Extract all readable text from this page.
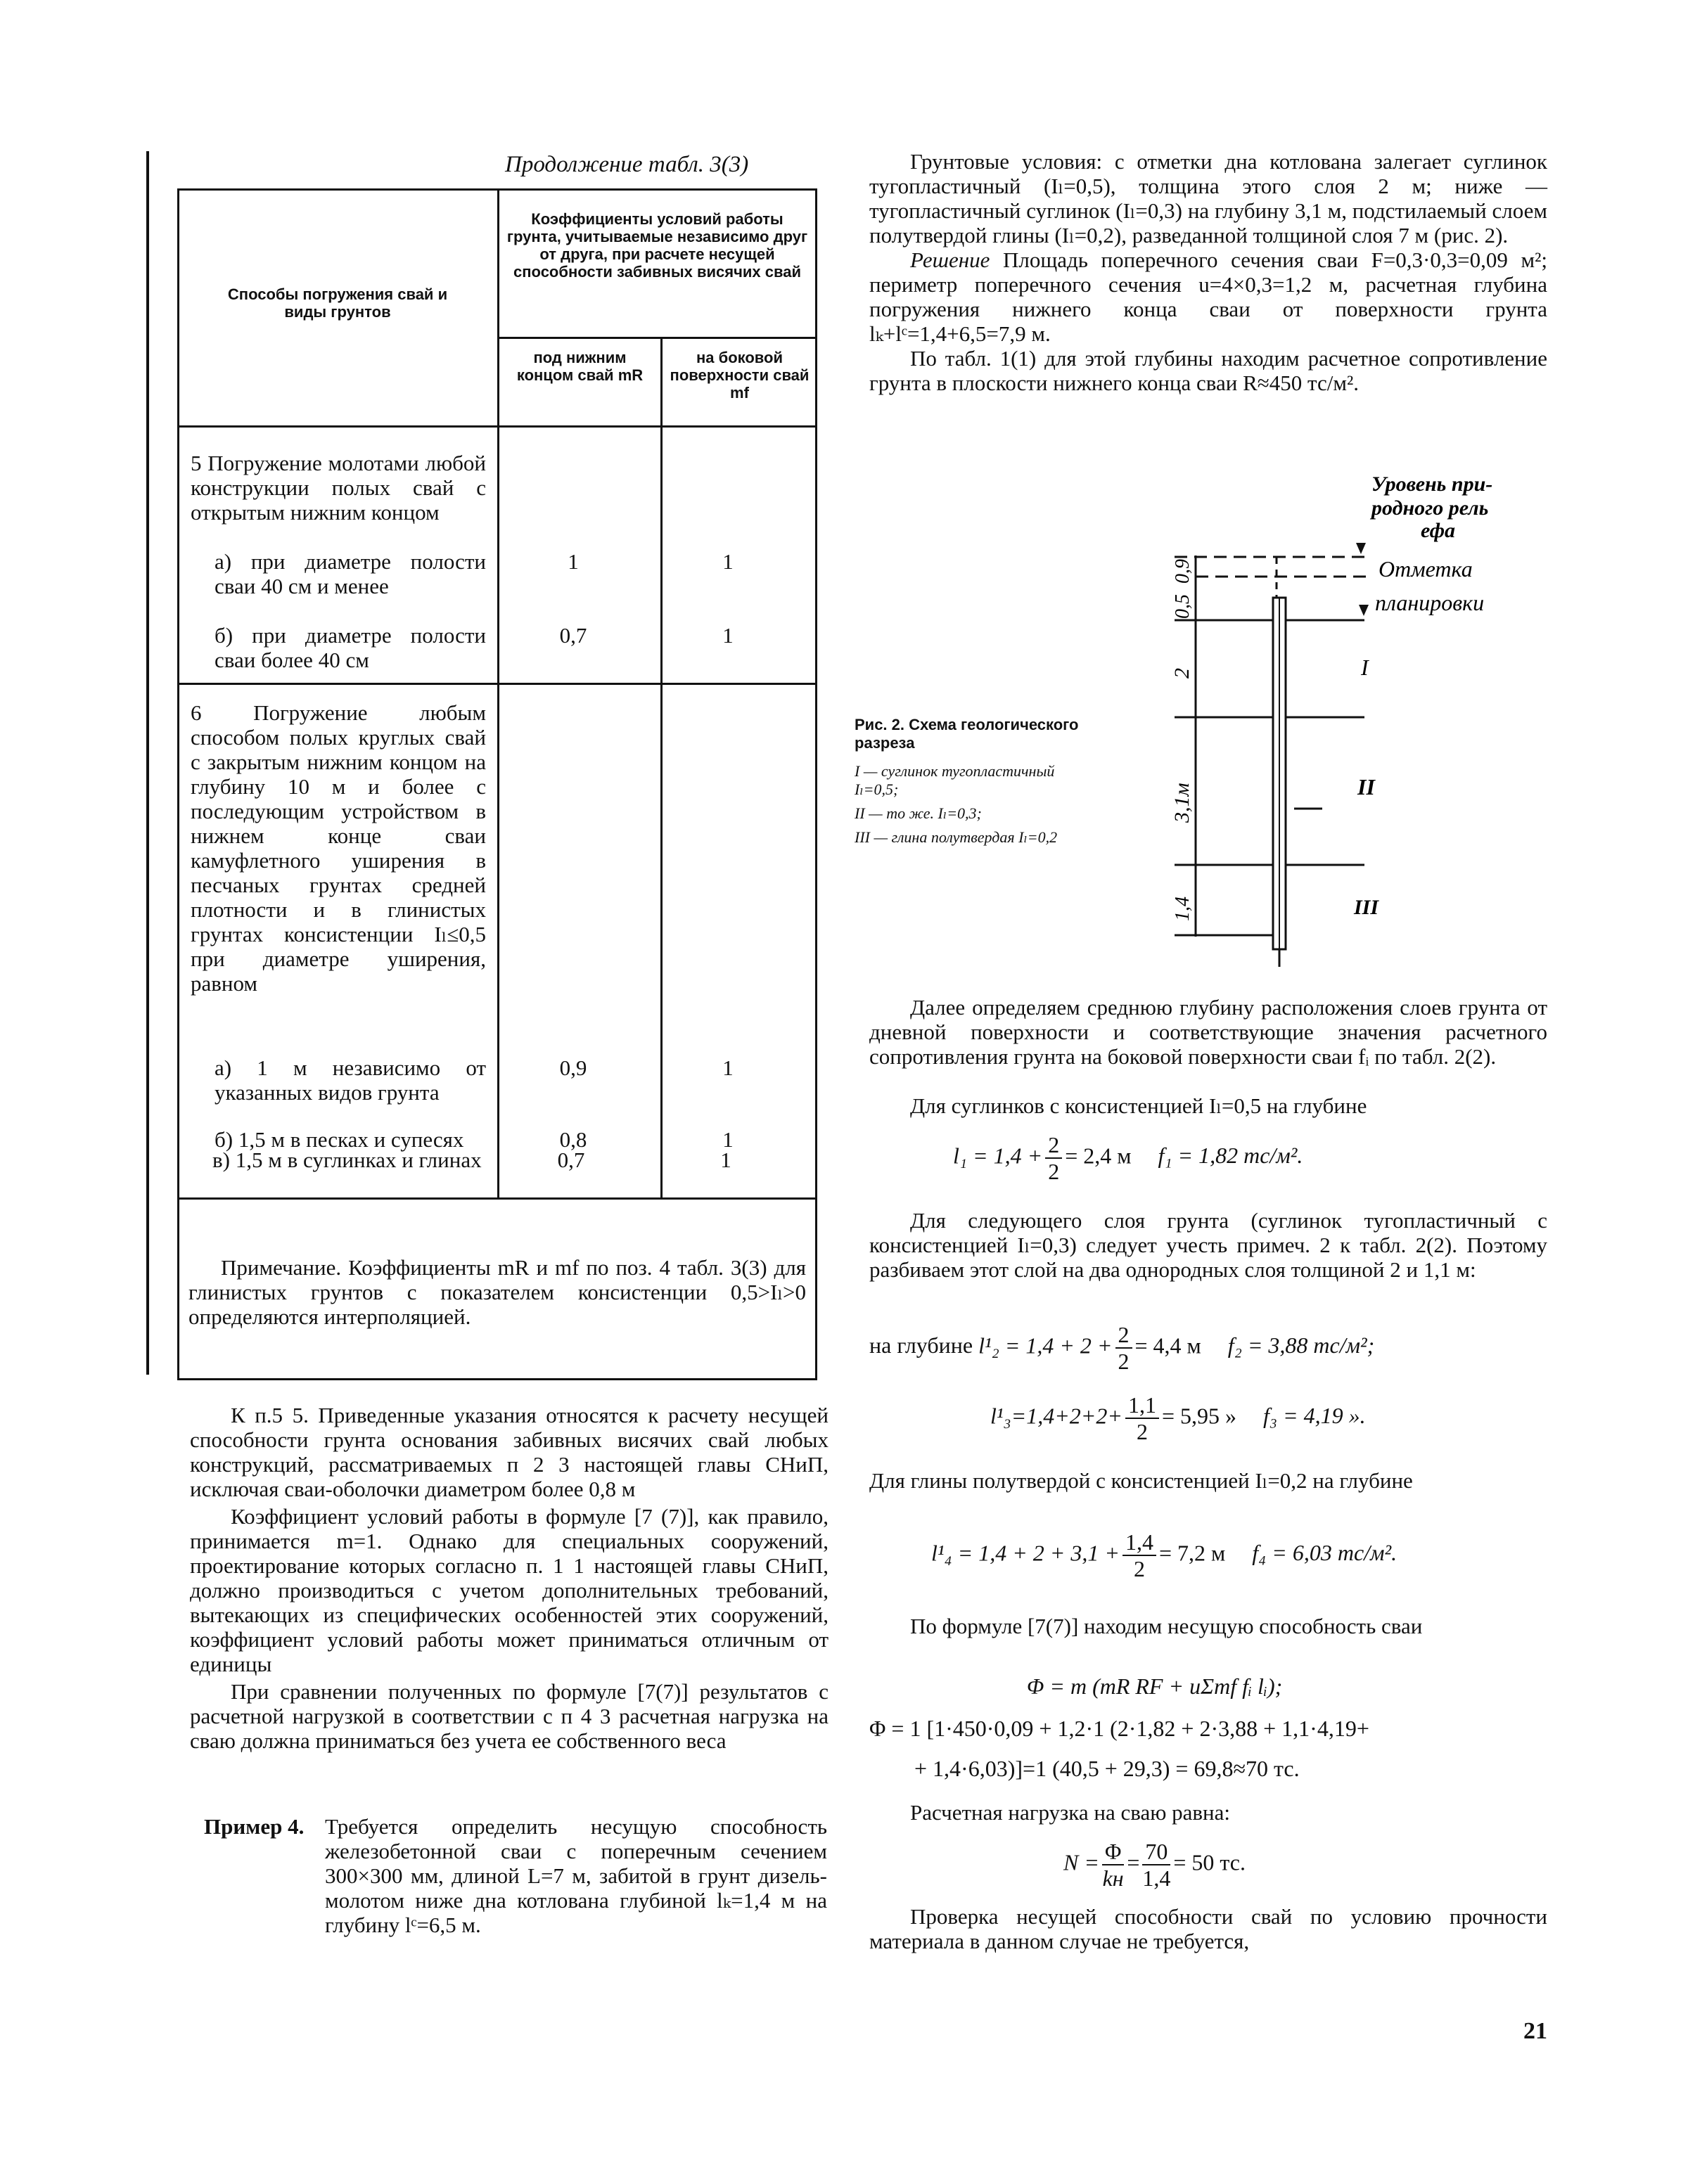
Продолжение табл. 3(3)
Способы погружения свай и виды грунтов
Коэффициенты условий работы грунта, учитываемые независимо друг от друга, при расчете несущей способности забивных висячих свай
под нижним концом свай mR
на боковой поверхности свай mf
5 Погружение молотами любой конструкции полых свай с открытым нижним концом
а) при диаметре полости сваи 40 см и менее
1	1
б) при диаметре полости сваи более 40 см
0,7	1
6 Погружение любым способом полых круглых свай с закрытым нижним концом на глубину 10 м и более с последующим устройством в нижнем конце сваи камуфлетного уширения в песчаных грунтах средней плотности и в глинистых грунтах консистенции Iₗ≤0,5 при диаметре уширения, равном
а) 1 м независимо от указанных видов грунта
0,9	1
б) 1,5 м в песках и супесях	0,8	1
в) 1,5 м в суглинках и глинах	0,7	1
Примечание. Коэффициенты mR и mf по поз. 4 табл. 3(3) для глинистых грунтов с показателем консистенции 0,5>Iₗ>0 определяются интерполяцией.

К п.5 5. Приведенные указания относятся к расчету несущей способности грунта основания забивных висячих свай любых конструкций, рассматриваемых п 2 3 настоящей главы СНиП, исключая сваи-оболочки диаметром более 0,8 м

Коэффициент условий работы в формуле [7 (7)], как правило, принимается m=1. Однако для специальных сооружений, проектирование которых согласно п. 1 1 настоящей главы СНиП, должно производиться с учетом дополнительных требований, вытекающих из специфических особенностей этих сооружений, коэффициент условий работы может приниматься отличным от единицы

При сравнении полученных по формуле [7(7)] результатов с расчетной нагрузкой в соответствии с п 4 3 расчетная нагрузка на сваю должна приниматься без учета ее собственного веса

Пример 4. Требуется определить несущую способность железобетонной сваи с поперечным сечением 300×300 мм, длиной L=7 м, забитой в грунт дизель-молотом ниже дна котлована глубиной lₖ=1,4 м на глубину lᶜ=6,5 м.

Грунтовые условия: с отметки дна котлована залегает суглинок тугопластичный (Iₗ=0,5), толщина этого слоя 2 м; ниже — тугопластичный суглинок (Iₗ=0,3) на глубину 3,1 м, подстилаемый слоем полутвердой глины (Iₗ=0,2), разведанной толщиной слоя 7 м (рис. 2).

Решение Площадь поперечного сечения сваи F=0,3·0,3=0,09 м²; периметр поперечного сечения u=4×0,3=1,2 м, расчетная глубина погружения нижнего конца сваи от поверхности грунта lₖ+lᶜ=1,4+6,5=7,9 м.

По табл. 1(1) для этой глубины находим расчетное сопротивление грунта в плоскости нижнего конца сваи R≈450 тс/м².

Рис. 2. Схема геологического разреза
I — суглинок тугопластичный Iₗ=0,5;
II — то же. Iₗ=0,3;
III — глина полутвердая Iₗ=0,2
Уровень при-
родного рель
ефа
Отметка
планировки
0,9
0,5
2
3,1м
1,4
I
II
III
Далее определяем среднюю глубину расположения слоев грунта от дневной поверхности и соответствующие значения расчетного сопротивления грунта на боковой поверхности сваи fᵢ по табл. 2(2).
Для суглинков с консистенцией Iₗ=0,5 на глубине
$l_1 = 1,4 + \frac{2}{2} = 2,4$ м f₁ = 1,82 тс/м².
Для следующего слоя грунта (суглинок тугопластичный с консистенцией Iₗ=0,3) следует учесть примеч. 2 к табл. 2(2). Поэтому разбиваем этот слой на два однородных слоя толщиной 2 и 1,1 м:
на глубине $l^1_2 = 1,4 + 2 + \frac{2}{2} = 4,4$ м f₂ = 3,88 тс/м²;
$l^1_3=1,4+2+2+ \frac{1,1}{2} = 5,95$ » f₃ = 4,19 ».
Для глины полутвердой с консистенцией Iₗ=0,2 на глубине
$l^1_4 = 1,4 + 2 + 3,1 + \frac{1,4}{2} = 7,2$ м f₄ = 6,03 тс/м².
По формуле [7(7)] находим несущую способность сваи
Φ = m (mR RF + uΣmf fᵢ lᵢ);
Φ = 1 [1·450·0,09 + 1,2·1 (2·1,82 + 2·3,88 + 1,1·4,19+
+ 1,4·6,03)]=1 (40,5 + 29,3) = 69,8≈70 тс.
Расчетная нагрузка на сваю равна:
$N = \frac{\Phi}{kн} = \frac{70}{1,4} = 50$ тс.
Проверка несущей способности свай по условию прочности материала в данном случае не требуется,
21
